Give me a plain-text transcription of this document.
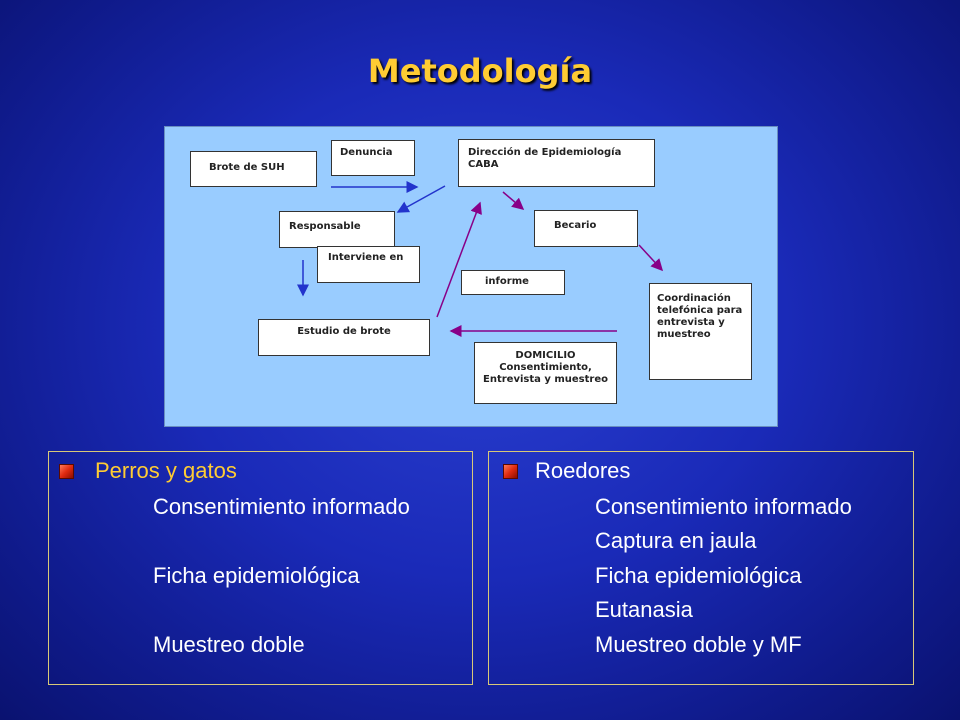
Metodología
Brote de SUH
Denuncia	Dirección de Epidemiología CABA
Responsable
Interviene en
Becario
informe
Coordinación telefónica para entrevista y muestreo
Estudio de brote
DOMICILIO Consentimiento, Entrevista y muestreo
Perros y gatos
Consentimiento informado
Ficha epidemiológica
Muestreo doble
Roedores
Consentimiento informado
Captura en jaula
Ficha epidemiológica
Eutanasia
Muestreo doble y MF
